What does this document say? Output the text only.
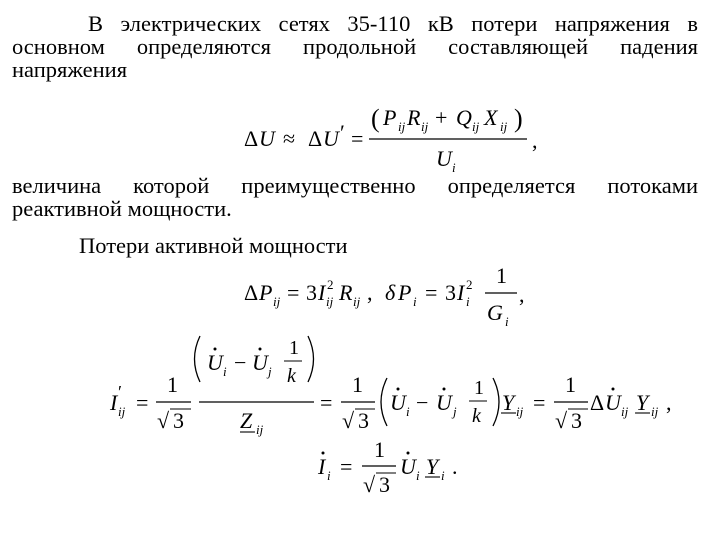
В электрических сетях 35-110 кВ потери напряжения в основном определяются продольной составляющей падения напряжения

величина которой преимущественно определяется потоками реактивной мощности.

Потери активной мощности

Δ U ≈ Δ U ′ =
( P ij R ij + Q ij X ij )
U i
,
Δ P ij = 3 I 2
ij R ij , δ P i = 3 I 2
i
1
G i
,
I ′
ij =
1
√ 3
U i − U j
1
k
Z ij
=
1
√ 3
U i − U j
1
k
Y ij =
1
√ 3
Δ U ij Y ij ,
I i =
1
√ 3
U i Y i .
